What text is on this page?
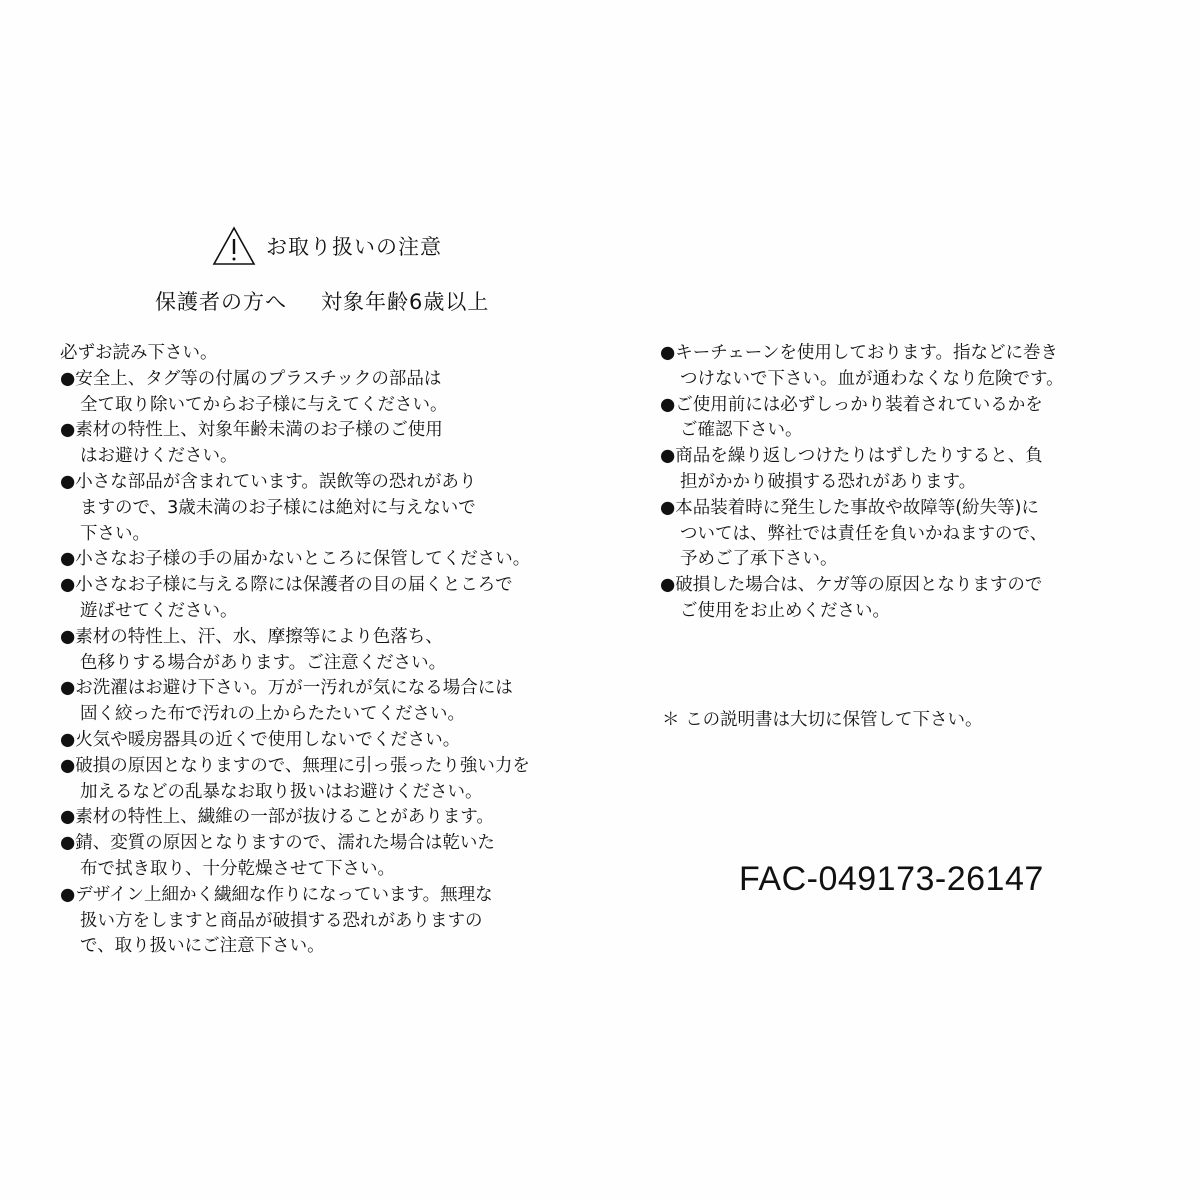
お取り扱いの注意
保護者の方へ 対象年齢6歳以上
必ずお読み下さい。
●安全上、タグ等の付属のプラスチックの部品は
全て取り除いてからお子様に与えてください。
●素材の特性上、対象年齢未満のお子様のご使用
はお避けください。
●小さな部品が含まれています。誤飲等の恐れがあり
ますので、3歳未満のお子様には絶対に与えないで
下さい。
●小さなお子様の手の届かないところに保管してください。
●小さなお子様に与える際には保護者の目の届くところで
遊ばせてください。
●素材の特性上、汗、水、摩擦等により色落ち、
色移りする場合があります。ご注意ください。
●お洗濯はお避け下さい。万が一汚れが気になる場合には
固く絞った布で汚れの上からたたいてください。
●火気や暖房器具の近くで使用しないでください。
●破損の原因となりますので、無理に引っ張ったり強い力を
加えるなどの乱暴なお取り扱いはお避けください。
●素材の特性上、繊維の一部が抜けることがあります。
●錆、変質の原因となりますので、濡れた場合は乾いた
布で拭き取り、十分乾燥させて下さい。
●デザイン上細かく繊細な作りになっています。無理な
扱い方をしますと商品が破損する恐れがありますの
で、取り扱いにご注意下さい。
●キーチェーンを使用しております。指などに巻き
つけないで下さい。血が通わなくなり危険です。
●ご使用前には必ずしっかり装着されているかを
ご確認下さい。
●商品を繰り返しつけたりはずしたりすると、負
担がかかり破損する恐れがあります。
●本品装着時に発生した事故や故障等(紛失等)に
ついては、弊社では責任を負いかねますので、
予めご了承下さい。
●破損した場合は、ケガ等の原因となりますので
ご使用をお止めください。
＊ この説明書は大切に保管して下さい。
FAC-049173-26147
